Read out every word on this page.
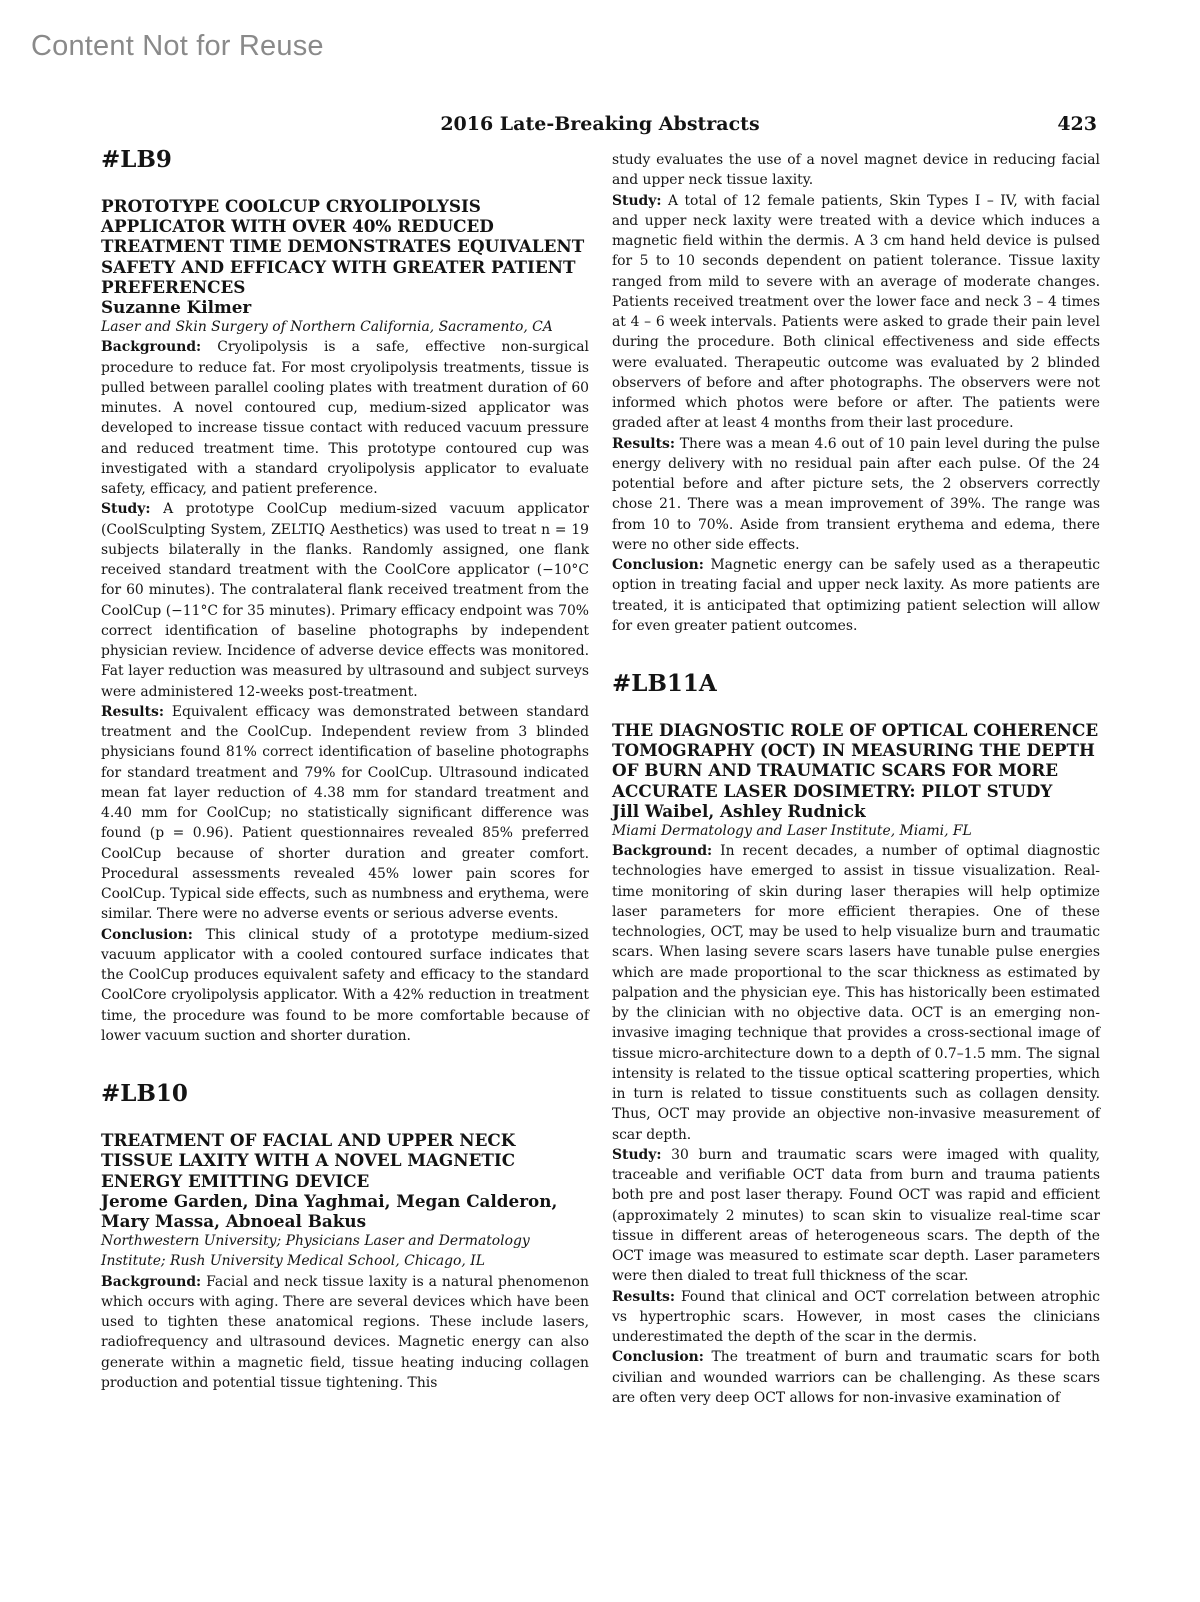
Content Not for Reuse
2016 Late-Breaking Abstracts	423
#LB9
PROTOTYPE COOLCUP CRYOLIPOLYSIS APPLICATOR WITH OVER 40% REDUCED TREATMENT TIME DEMONSTRATES EQUIVALENT SAFETY AND EFFICACY WITH GREATER PATIENT PREFERENCES
Suzanne Kilmer
Laser and Skin Surgery of Northern California, Sacramento, CA

Background: Cryolipolysis is a safe, effective non-surgical procedure to reduce fat. For most cryolipolysis treatments, tissue is pulled between parallel cooling plates with treatment duration of 60 minutes. A novel contoured cup, medium-sized applicator was developed to increase tissue contact with reduced vacuum pressure and reduced treatment time. This prototype contoured cup was investigated with a standard cryolipolysis applicator to evaluate safety, efficacy, and patient preference.

Study: A prototype CoolCup medium-sized vacuum applicator (CoolSculpting System, ZELTIQ Aesthetics) was used to treat n = 19 subjects bilaterally in the flanks. Randomly assigned, one flank received standard treatment with the CoolCore applicator (−10°C for 60 minutes). The contralateral flank received treatment from the CoolCup (−11°C for 35 minutes). Primary efficacy endpoint was 70% correct identification of baseline photographs by independent physician review. Incidence of adverse device effects was monitored. Fat layer reduction was measured by ultrasound and subject surveys were administered 12-weeks post-treatment.

Results: Equivalent efficacy was demonstrated between standard treatment and the CoolCup. Independent review from 3 blinded physicians found 81% correct identification of baseline photographs for standard treatment and 79% for CoolCup. Ultrasound indicated mean fat layer reduction of 4.38 mm for standard treatment and 4.40 mm for CoolCup; no statistically significant difference was found (p = 0.96). Patient questionnaires revealed 85% preferred CoolCup because of shorter duration and greater comfort. Procedural assessments revealed 45% lower pain scores for CoolCup. Typical side effects, such as numbness and erythema, were similar. There were no adverse events or serious adverse events.

Conclusion: This clinical study of a prototype medium-sized vacuum applicator with a cooled contoured surface indicates that the CoolCup produces equivalent safety and efficacy to the standard CoolCore cryolipolysis applicator. With a 42% reduction in treatment time, the procedure was found to be more comfortable because of lower vacuum suction and shorter duration.

#LB10
TREATMENT OF FACIAL AND UPPER NECK TISSUE LAXITY WITH A NOVEL MAGNETIC ENERGY EMITTING DEVICE
Jerome Garden, Dina Yaghmai, Megan Calderon, Mary Massa, Abnoeal Bakus
Northwestern University; Physicians Laser and Dermatology Institute; Rush University Medical School, Chicago, IL

Background: Facial and neck tissue laxity is a natural phenomenon which occurs with aging. There are several devices which have been used to tighten these anatomical regions. These include lasers, radiofrequency and ultrasound devices. Magnetic energy can also generate within a magnetic field, tissue heating inducing collagen production and potential tissue tightening. This

study evaluates the use of a novel magnet device in reducing facial and upper neck tissue laxity.

Study: A total of 12 female patients, Skin Types I – IV, with facial and upper neck laxity were treated with a device which induces a magnetic field within the dermis. A 3 cm hand held device is pulsed for 5 to 10 seconds dependent on patient tolerance. Tissue laxity ranged from mild to severe with an average of moderate changes. Patients received treatment over the lower face and neck 3 – 4 times at 4 – 6 week intervals. Patients were asked to grade their pain level during the procedure. Both clinical effectiveness and side effects were evaluated. Therapeutic outcome was evaluated by 2 blinded observers of before and after photographs. The observers were not informed which photos were before or after. The patients were graded after at least 4 months from their last procedure.

Results: There was a mean 4.6 out of 10 pain level during the pulse energy delivery with no residual pain after each pulse. Of the 24 potential before and after picture sets, the 2 observers correctly chose 21. There was a mean improvement of 39%. The range was from 10 to 70%. Aside from transient erythema and edema, there were no other side effects.

Conclusion: Magnetic energy can be safely used as a therapeutic option in treating facial and upper neck laxity. As more patients are treated, it is anticipated that optimizing patient selection will allow for even greater patient outcomes.

#LB11A
THE DIAGNOSTIC ROLE OF OPTICAL COHERENCE TOMOGRAPHY (OCT) IN MEASURING THE DEPTH OF BURN AND TRAUMATIC SCARS FOR MORE ACCURATE LASER DOSIMETRY: PILOT STUDY
Jill Waibel, Ashley Rudnick
Miami Dermatology and Laser Institute, Miami, FL

Background: In recent decades, a number of optimal diagnostic technologies have emerged to assist in tissue visualization. Real-time monitoring of skin during laser therapies will help optimize laser parameters for more efficient therapies. One of these technologies, OCT, may be used to help visualize burn and traumatic scars. When lasing severe scars lasers have tunable pulse energies which are made proportional to the scar thickness as estimated by palpation and the physician eye. This has historically been estimated by the clinician with no objective data. OCT is an emerging non-invasive imaging technique that provides a cross-sectional image of tissue micro-architecture down to a depth of 0.7–1.5 mm. The signal intensity is related to the tissue optical scattering properties, which in turn is related to tissue constituents such as collagen density. Thus, OCT may provide an objective non-invasive measurement of scar depth.

Study: 30 burn and traumatic scars were imaged with quality, traceable and verifiable OCT data from burn and trauma patients both pre and post laser therapy. Found OCT was rapid and efficient (approximately 2 minutes) to scan skin to visualize real-time scar tissue in different areas of heterogeneous scars. The depth of the OCT image was measured to estimate scar depth. Laser parameters were then dialed to treat full thickness of the scar.

Results: Found that clinical and OCT correlation between atrophic vs hypertrophic scars. However, in most cases the clinicians underestimated the depth of the scar in the dermis.

Conclusion: The treatment of burn and traumatic scars for both civilian and wounded warriors can be challenging. As these scars are often very deep OCT allows for non-invasive examination of
